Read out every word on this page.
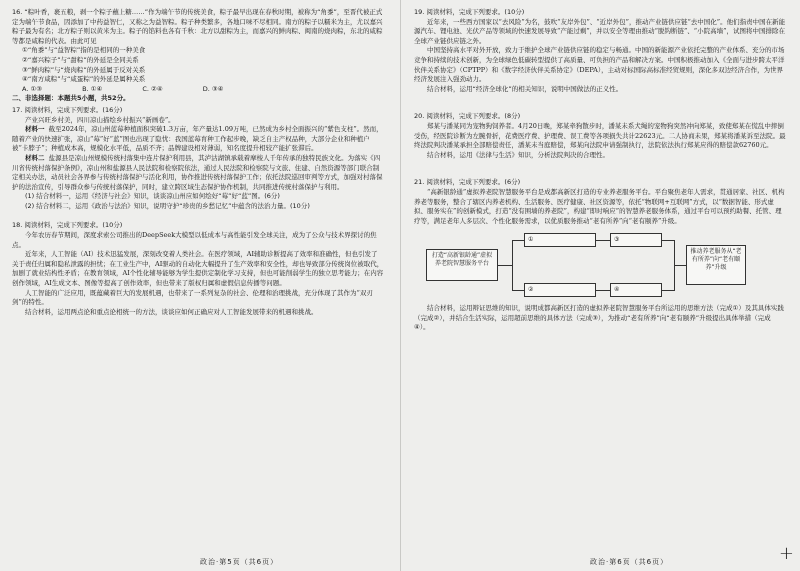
16. “粽叶香，裹五粮，剥一个粽子蘸上糖……”作为端午节的传统美食，粽子最早出现在春秋时期，被称为“角黍”，至晋代被正式定为端午节食品，因添加了中药益智仁，又称之为益智粽。粽子种类繁多，各地口味不尽相同。南方的粽子以糯米为主，尤以嘉兴粽子最为有名；北方粽子则以黄米为主。粽子的馅料也各有千秋：北方以甜粽为主，而嘉兴的鲜肉粽、闽南的烧肉粽，东北的咸粽等都是咸粽的代表。由此可见

①“角黍”与“益智粽”指的是相同的一种美食

②“嘉兴粽子”与“甜粽”的外延是全同关系

③“鲜肉粽”与“烧肉粽”的外延属于反对关系

④“南方咸粽”与“咸蛋粽”的外延是属种关系

A. ①③	B. ①④	C. ②④	D. ③④

二、非选择题：本题共5小题，共52分。

17. 阅读材料，完成下列要求。(16分)

产业兴旺乡村美，四川凉山描绘乡村振兴“新画卷”。

材料一 截至2024年，凉山州蓝莓种植面积突破1.3万亩，年产量达1.09万吨，已然成为乡村全面振兴的“紫色支柱”。然而，随着产业的快速扩张，凉山“莓”好“蓝”图也出现了隐忧：我国蓝莓育种工作起步晚，缺乏自主产权品种，大部分企业和种植户被“卡脖子”；种植成本高，规模化水平低，品质不齐；品牌建设相对薄弱，知名度提升相较产能扩张滞后。

材料二 盐源县是凉山州规模传统村落集中连片保护利用县，其泸沽湖镇承载着摩梭人千年传承的独特民族文化。为落实《四川省传统村落保护条例》，凉山州和盐源县人民法院和检察院依法，通过人民法院和检察院与文旅、住建、自然资源等部门联合制定相关办法，动员社会各界参与传统村落保护与活化利用，协作推进传统村落保护工作；依托法院巡回审判等方式，加强对村落保护的法治宣传，引导群众参与传统村落保护，同时，建立跨区域生态保护协作机制，共同推进传统村落保护与利用。

(1) 结合材料一，运用《经济与社会》知识，谈谈凉山州应如何绘好“莓”好“蓝”图。(6分)

(2) 结合材料二，运用《政治与法治》知识，说明守护“珍贵的乡愁记忆”中蕴含的法治力量。(10分)

18. 阅读材料，完成下列要求。(10分)

今年农历春节期间，深度求索公司推出的DeepSeek大模型以低成本与高性能引发全球关注，成为了公众与技术界探讨的焦点。

近年来，人工智能（AI）技术迅猛发展，深刻改变着人类社会。在医疗领域，AI辅助诊断提高了效率和准确性，但也引发了关于责任归属和隐私泄露的担忧；在工业生产中，AI驱动的自动化大幅提升了生产效率和安全性，却也导致部分传统岗位被取代，加剧了就业结构性矛盾；在教育领域，AI个性化辅导能够为学生提供定制化学习支持，但也可能削弱学生的独立思考能力；在内容创作领域，AI生成文本、图像等提高了创作效率，但也带来了版权归属和虚假信息传播等问题。

人工智能的广泛应用，既蕴藏着巨大的发展机遇，也带来了一系列复杂的社会、伦理和治理挑战，充分体现了其作为“双刃剑”的特性。

结合材料，运用两点论和重点论相统一的方法，谈谈应如何正确应对人工智能发展带来的机遇和挑战。

政治·第5页（共6页）

19. 阅读材料，完成下列要求。(10分)

近年来，一些西方国家以“去风险”为名，鼓吹“友岸外包”、“近岸外包”，推动产业链供应链“去中国化”。他们指责中国在新能源汽车、锂电池、光伏产品等领域的快速发展导致“产能过剩”，并以安全等理由推动“脱钩断链”、“小院高墙”，试图将中国排除在全球产业链供应链之外。

中国坚持高水平对外开放，致力于维护全球产业链供应链的稳定与畅通。中国的新能源产业依托完整的产业体系、充分的市场竞争和持续的技术创新，为全球绿色低碳转型提供了高质量、可负担的产品和解决方案。中国积极推动加入《全面与进步跨太平洋伙伴关系协定》（CPTPP）和《数字经济伙伴关系协定》（DEPA），主动对标国际高标准经贸规则，深化多双边经济合作，为世界经济发展注入强劲动力。

结合材料，运用“经济全球化”的相关知识，说明中国做法的正义性。

20. 阅读材料，完成下列要求。(8分)

郑某与潘某同为宠物狗饲养者。4月20日晚，郑某牵狗散步时，潘某未系犬绳的宠物狗突然冲向郑某，致使郑某在慌乱中摔倒受伤，经医院诊断为左腕骨折，花费医疗费、护理费、误工费等各项损失共计22623元。二人协商未果，郑某将潘某诉至法院。最终法院判决潘某承担全部赔偿责任，潘某未当庭赔偿，郑某向法院申请强制执行，法院依法执行郑某应得的赔偿款62760元。

结合材料，运用《法律与生活》知识，分析法院判决的合理性。

21. 阅读材料，完成下列要求。(6分)

“高新银龄通”虚拟养老院智慧服务平台是成都高新区打造的专业养老服务平台。平台聚焦老年人需求，贯通居家、社区、机构养老等服务，整合了辖区内养老机构、生活服务、医疗健康、社区资源等，依托“物联网+互联网”方式，以“数据智能、形式虚拟、服务实在”的创新模式，打造“没有围墙的养老院”，构建“即时响应”的智慧养老服务体系，通过平台可以预约助餐、托管、理疗等，满足老年人多层次、个性化服务需求，以优质服务推动“老有所养”向“老有颐养”升级。

打造“高新银龄通”虚拟养老院智慧服务平台
①
②
③
④
推动养老服务从“老有所养”向“老有颐养”升级

结合材料，运用辩证思维的知识，说明成都高新区打造的虚拟养老院智慧服务平台所运用的思维方法（完成①）及其具体实践（完成②），并结合生活实际，运用超前思维的具体方法（完成③），为推动“老有所养”向“老有颐养”升级提出具体举措（完成④）。

政治·第6页（共6页）	+
